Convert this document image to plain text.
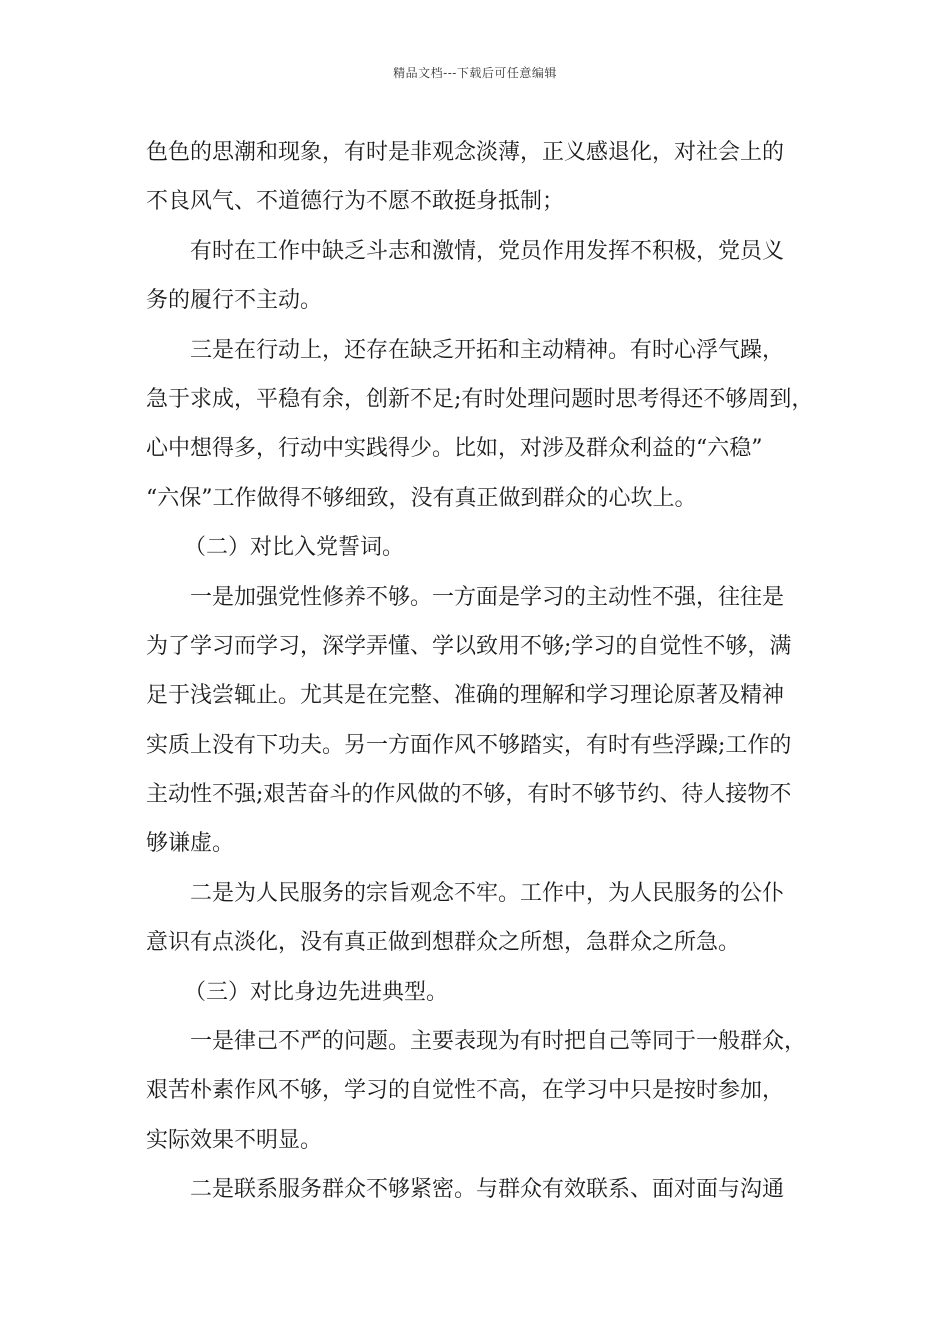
精品文档---下载后可任意编辑
色色的思潮和现象，有时是非观念淡薄，正义感退化，对社会上的
不良风气、不道德行为不愿不敢挺身抵制；
有时在工作中缺乏斗志和激情，党员作用发挥不积极，党员义
务的履行不主动。
三是在行动上，还存在缺乏开拓和主动精神。有时心浮气躁，
急于求成，平稳有余，创新不足;有时处理问题时思考得还不够周到，
心中想得多，行动中实践得少。比如，对涉及群众利益的“六稳”
“六保”工作做得不够细致，没有真正做到群众的心坎上。
（二）对比入党誓词。
一是加强党性修养不够。一方面是学习的主动性不强，往往是
为了学习而学习，深学弄懂、学以致用不够;学习的自觉性不够，满
足于浅尝辄止。尤其是在完整、准确的理解和学习理论原著及精神
实质上没有下功夫。另一方面作风不够踏实，有时有些浮躁;工作的
主动性不强;艰苦奋斗的作风做的不够，有时不够节约、待人接物不
够谦虚。
二是为人民服务的宗旨观念不牢。工作中，为人民服务的公仆
意识有点淡化，没有真正做到想群众之所想，急群众之所急。
（三）对比身边先进典型。
一是律己不严的问题。主要表现为有时把自己等同于一般群众，
艰苦朴素作风不够，学习的自觉性不高，在学习中只是按时参加，
实际效果不明显。
二是联系服务群众不够紧密。与群众有效联系、面对面与沟通
